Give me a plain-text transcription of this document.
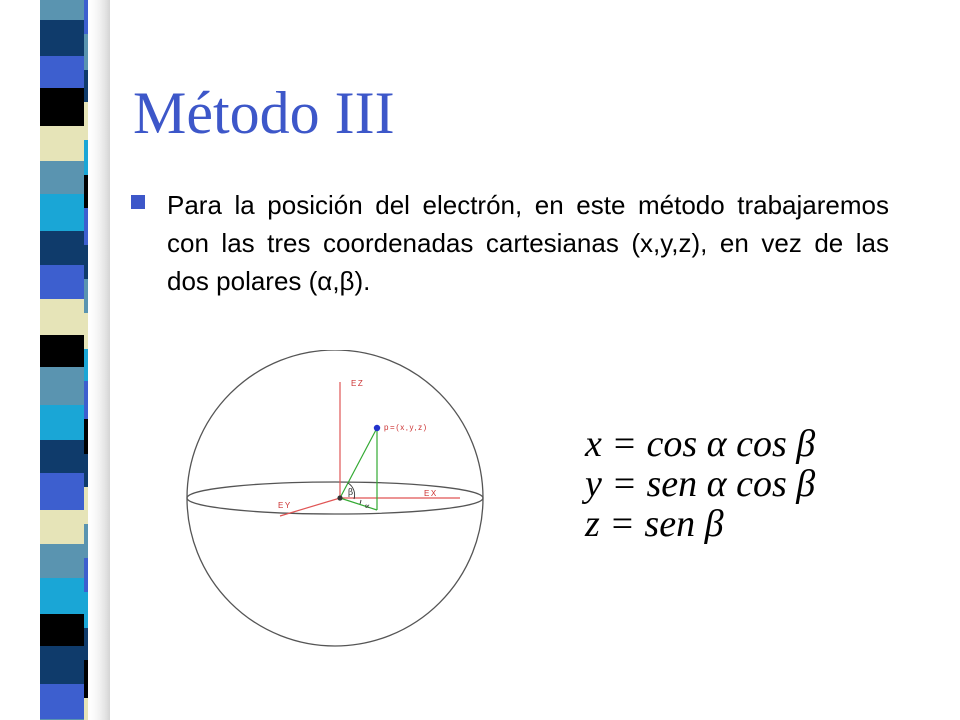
Método III

Para la posición del electrón, en este método trabajaremos con las tres coordenadas cartesianas (x,y,z), en vez de las dos polares (α,β).

EZ
EX
EY
p=(x,y,z)
β
∝

x = cos α cos β

y = sen α cos β

z = sen β
